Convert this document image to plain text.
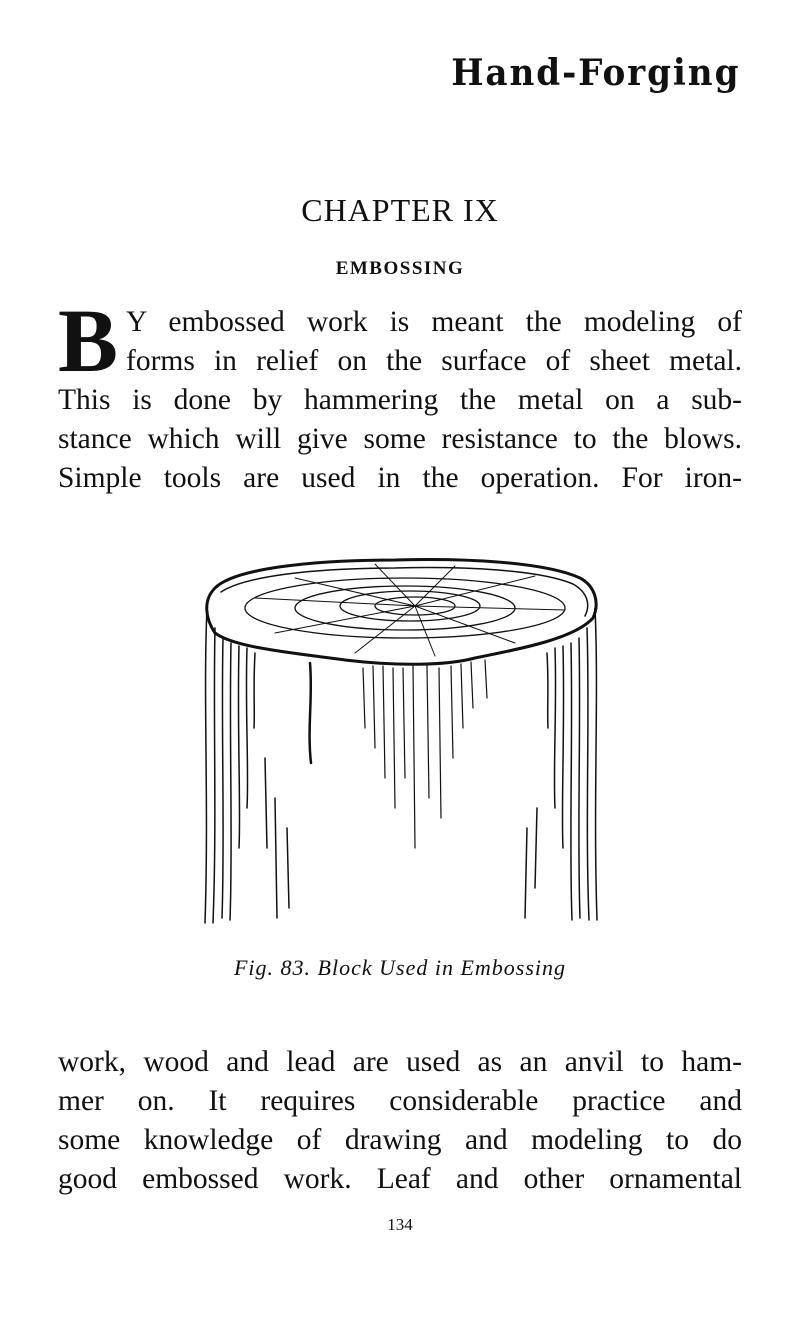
Hand-Forging
CHAPTER IX
EMBOSSING
B Y embossed work is meant the modeling of
forms in relief on the surface of sheet metal.
This is done by hammering the metal on a sub-
stance which will give some resistance to the blows.
Simple tools are used in the operation. For iron-
Fig. 83. Block Used in Embossing
work, wood and lead are used as an anvil to ham-
mer on. It requires considerable practice and
some knowledge of drawing and modeling to do
good embossed work. Leaf and other ornamental
134
